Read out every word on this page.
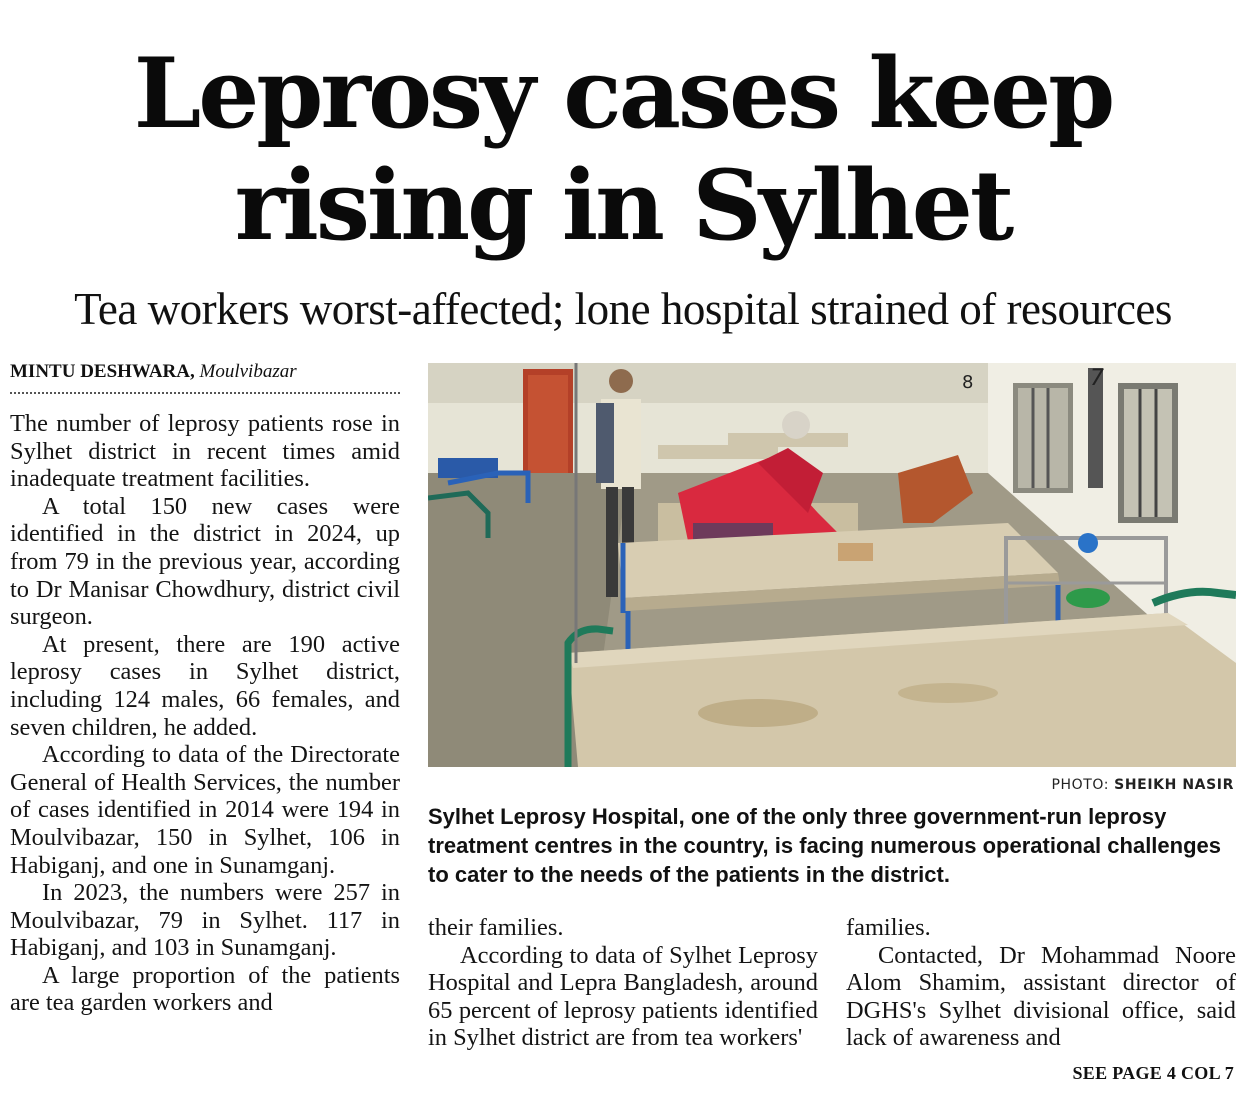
Leprosy cases keep
rising in Sylhet
Tea workers worst-affected; lone hospital strained of resources
MINTU DESHWARA, Moulvibazar

The number of leprosy patients rose in Sylhet district in recent times amid inadequate treatment facilities.

A total 150 new cases were identified in the district in 2024, up from 79 in the previous year, according to Dr Manisar Chowdhury, district civil surgeon.

At present, there are 190 active leprosy cases in Sylhet district, including 124 males, 66 females, and seven children, he added.

According to data of the Directorate General of Health Services, the number of cases identified in 2014 were 194 in Moulvibazar, 150 in Sylhet, 106 in Habiganj, and one in Sunamganj.

In 2023, the numbers were 257 in Moulvibazar, 79 in Sylhet. 117 in Habiganj, and 103 in Sunamganj.

A large proportion of the patients are tea garden workers and

8	7
PHOTO: SHEIKH NASIR

Sylhet Leprosy Hospital, one of the only three government-run leprosy treatment centres in the country, is facing numerous operational challenges to cater to the needs of the patients in the district.

their families.

According to data of Sylhet Leprosy Hospital and Lepra Bangladesh, around 65 percent of leprosy patients identified in Sylhet district are from tea workers'

families.

Contacted, Dr Mohammad Noore Alom Shamim, assistant director of DGHS's Sylhet divisional office, said lack of awareness and

SEE PAGE 4 COL 7
